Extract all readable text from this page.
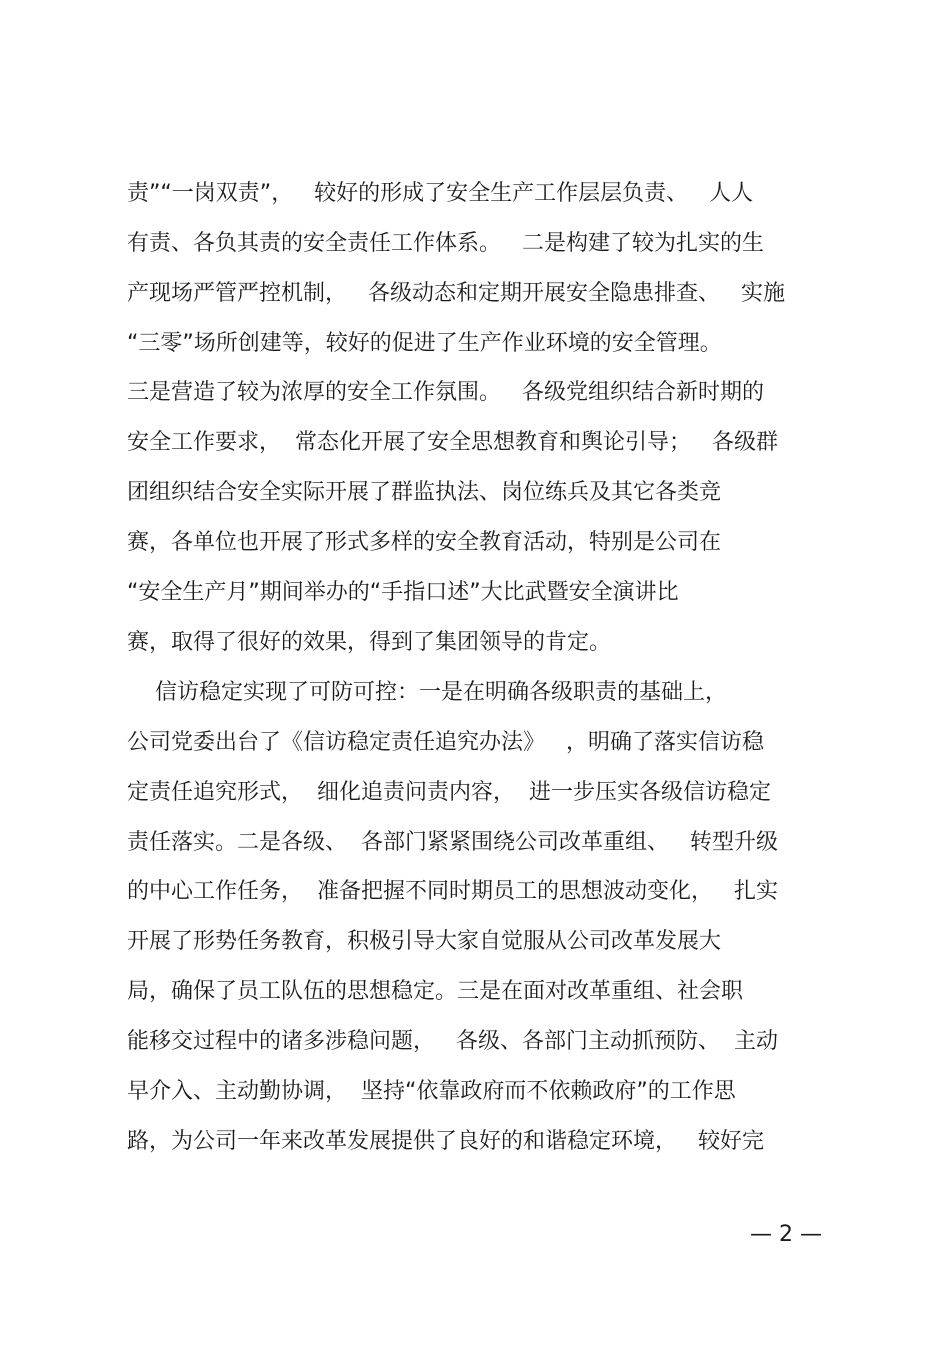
责”“一岗双责”，   较好的形成了安全生产工作层层负责、   人人
有责、各负其责的安全责任工作体系。   二是构建了较为扎实的生
产现场严管严控机制，   各级动态和定期开展安全隐患排查、   实施
“三零”场所创建等，较好的促进了生产作业环境的安全管理。
三是营造了较为浓厚的安全工作氛围。   各级党组织结合新时期的
安全工作要求，  常态化开展了安全思想教育和舆论引导；   各级群
团组织结合安全实际开展了群监执法、岗位练兵及其它各类竞
赛，各单位也开展了形式多样的安全教育活动，特别是公司在
“安全生产月”期间举办的“手指口述”大比武暨安全演讲比
赛，取得了很好的效果，得到了集团领导的肯定。
信访稳定实现了可防可控：一是在明确各级职责的基础上，
公司党委出台了《信访稳定责任追究办法》   ，明确了落实信访稳
定责任追究形式，  细化追责问责内容，  进一步压实各级信访稳定
责任落实。二是各级、  各部门紧紧围绕公司改革重组、   转型升级
的中心工作任务，  准备把握不同时期员工的思想波动变化，   扎实
开展了形势任务教育，积极引导大家自觉服从公司改革发展大
局，确保了员工队伍的思想稳定。三是在面对改革重组、社会职
能移交过程中的诸多涉稳问题，   各级、各部门主动抓预防、  主动
早介入、主动勤协调，  坚持“依靠政府而不依赖政府”的工作思
路，为公司一年来改革发展提供了良好的和谐稳定环境，   较好完
— 2 —
